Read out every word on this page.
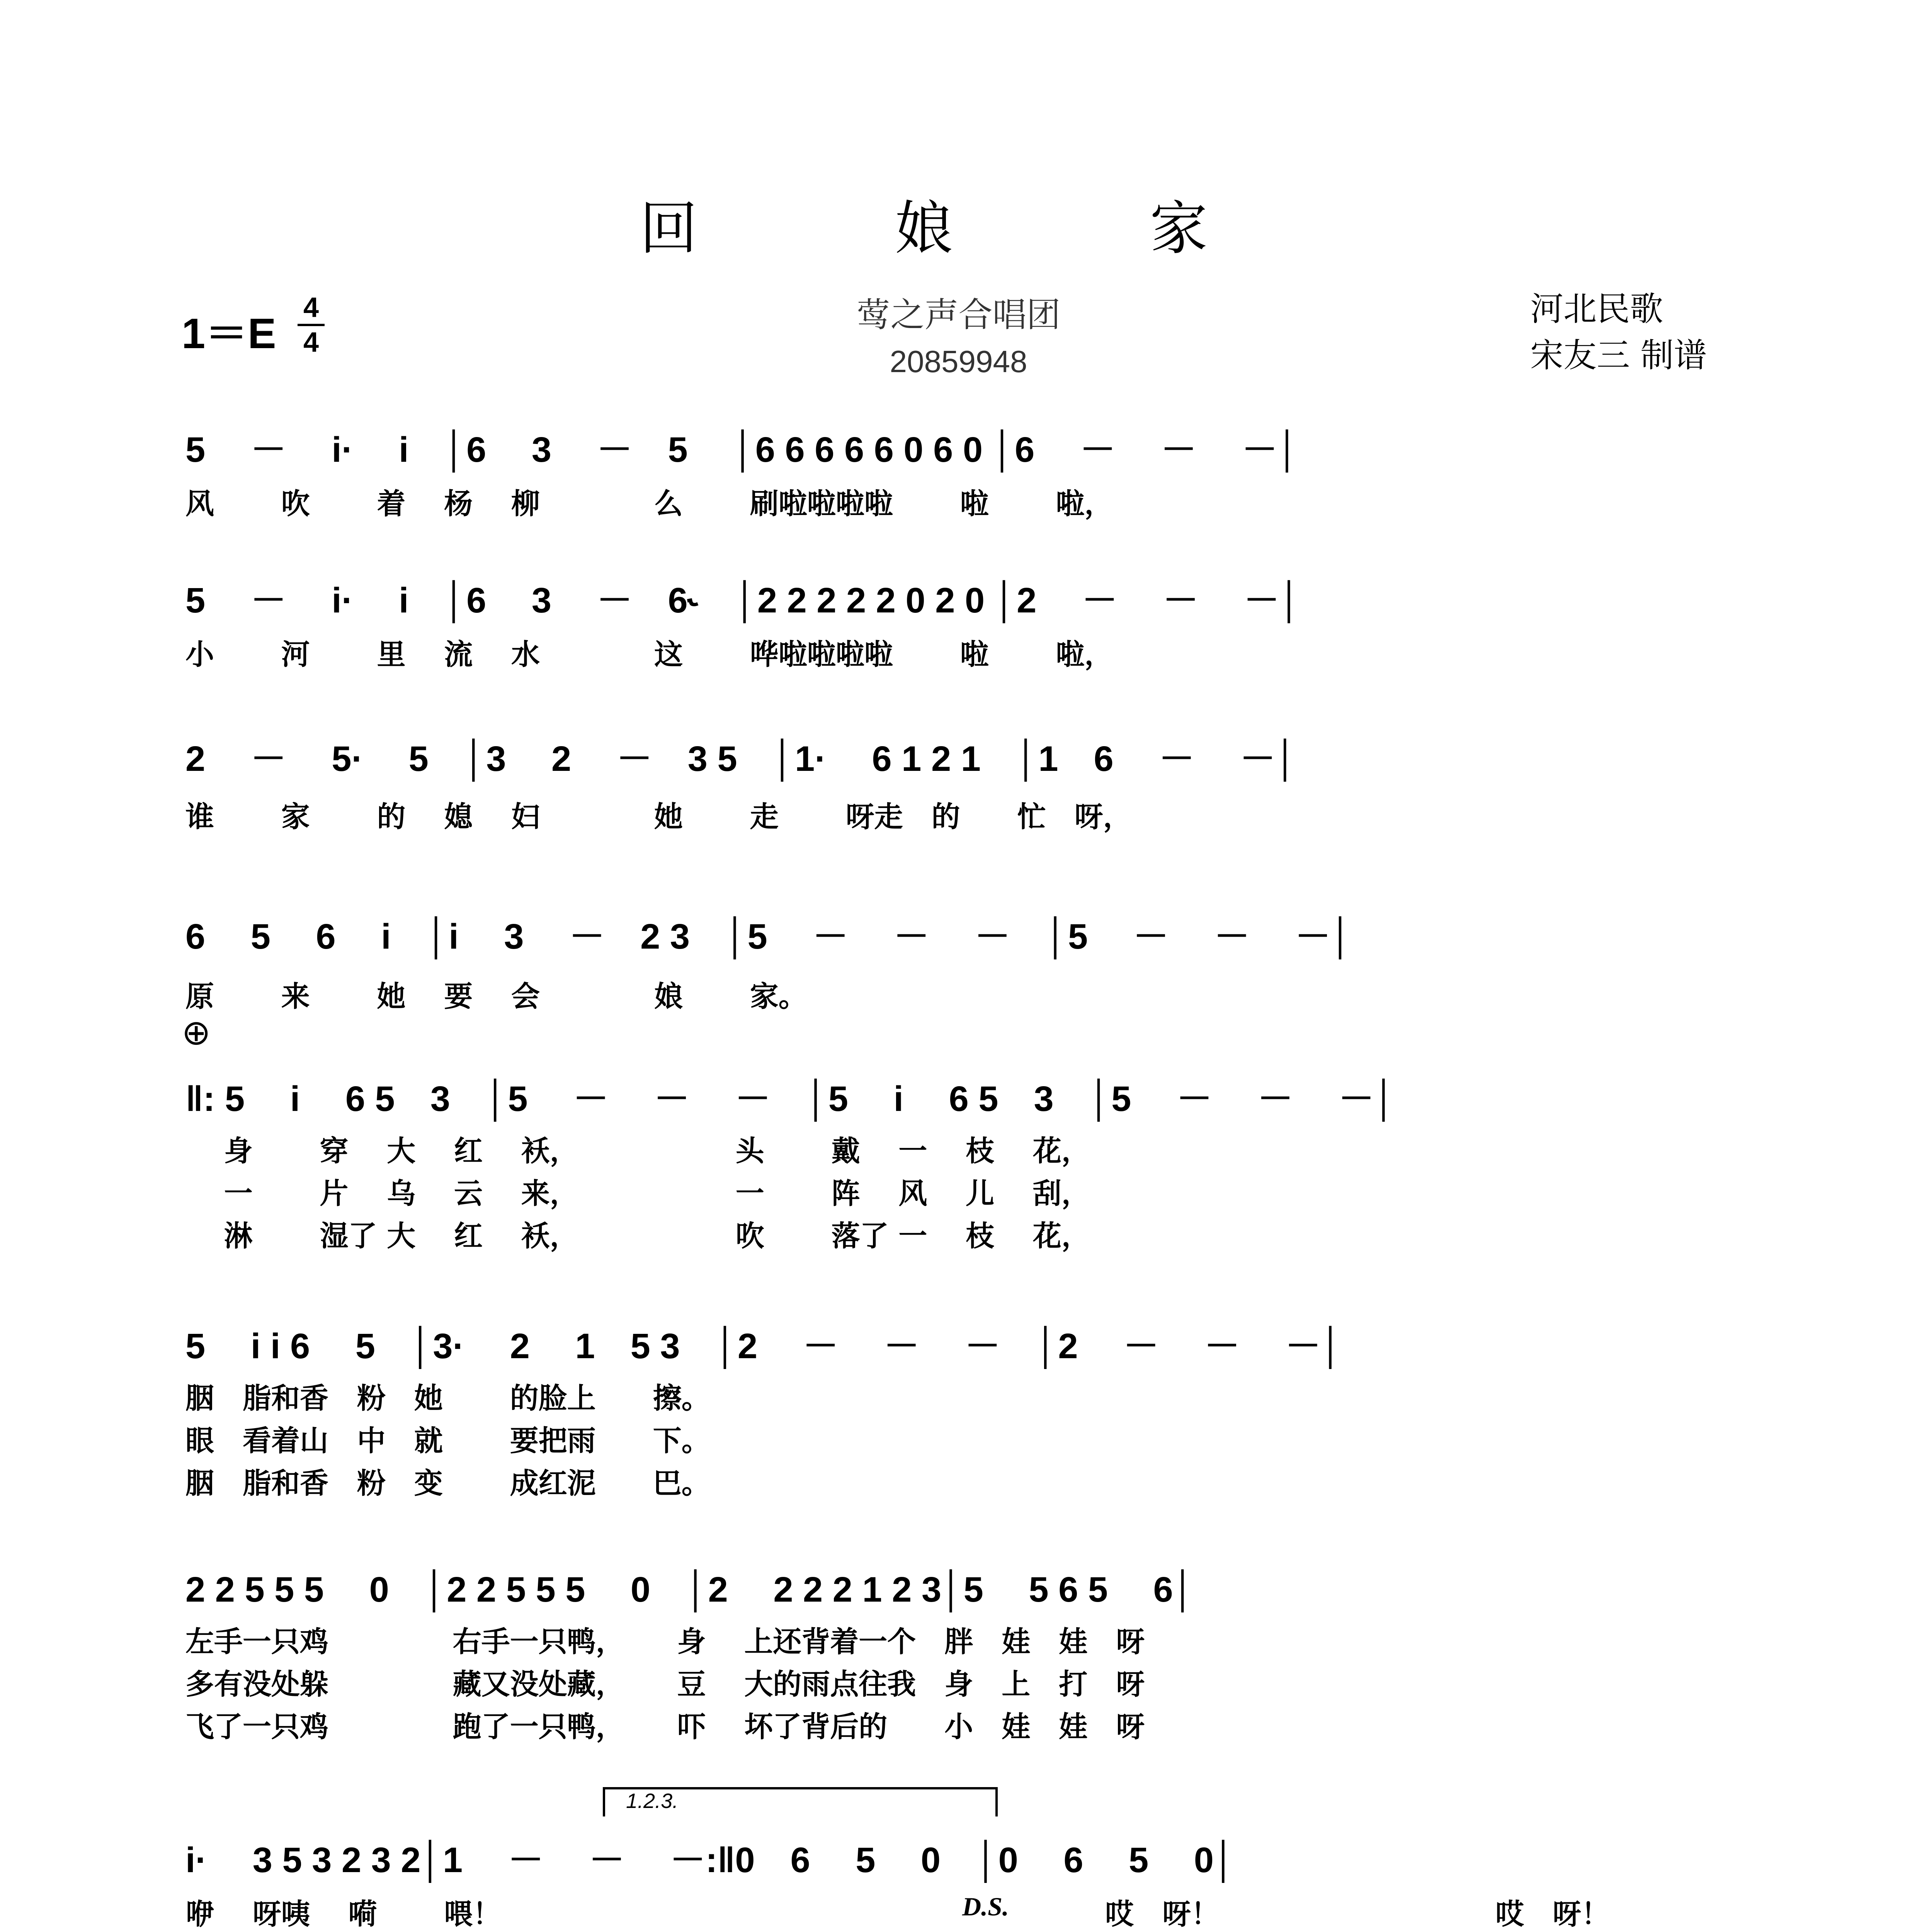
回　娘　家
1＝E
4
4
莺之声合唱团
20859948
河北民歌
宋友三 制谱
5　 －　 i·　 i　│6　 3　 －　5　 │6 6 6 6 6 0 6 0 │6　 －　 －　 －│
风　　 吹　　 着　 杨　 柳　　　　么　　 刷啦啦啦啦　　 啦　　 啦，
5　 －　 i·　 i　│6　 3　 －　6˞　│2 2 2 2 2 0 2 0 │2　 －　 －　 －│
小　　 河　　 里　 流　 水　　　　这　　 哗啦啦啦啦　　 啦　　 啦，
2　 －　 5·　 5　│3　 2　 －　3 5　│1·　 6 1 2 1　│1　6　 －　 －│
谁　　 家　　 的　 媳　 妇　　　　她　　 走　　 呀走　的　　忙　呀，
6　 5　 6　 i　│i　 3　 －　2 3　│5　 －　 －　 －　│5　 －　 －　 －│
原　　 来　　 她　 要　 会　　　　娘　　 家。
⊕
‖: 5　 i　 6 5　3　│5　 －　 －　 －　│5　 i　 6 5　3　│5　 －　 －　 －│
　 身　　 穿　 大　 红　 袄，　　　　　　头　　 戴　 一　 枝　 花，
　 一　　 片　 乌　 云　 来，　　　　　　一　　 阵　 风　 儿　 刮，
　 淋　　 湿了 大　 红　 袄，　　　　　　吹　　 落了 一　 枝　 花，
5　 i i 6　 5　│3·　 2　 1　5 3　│2　 －　 －　 －　│2　 －　 －　 －│
胭　脂和香　粉　她　　 的脸上　　擦。
眼　看着山　中　就　　 要把雨　　下。
胭　脂和香　粉　变　　 成红泥　　巴。
2 2 5 5 5　 0　│2 2 5 5 5　 0　│2　 2 2 2 1 2 3│5　 5 6 5　 6│
左手一只鸡　　　　 右手一只鸭，　　 身　 上还背着一个　胖　娃　娃　呀
多有没处躲　　　　 藏又没处藏，　　 豆　 大的雨点往我　身　上　打　呀
飞了一只鸡　　　　 跑了一只鸭，　　 吓　 坏了背后的　　小　娃　娃　呀
1.2.3.
i·　 3 5 3 2 3 2│1　 －　 －　 －:‖0　6　 5　 0　│0　 6　 5　 0│
咿　 呀咦　 嗬　　 喂！	D.S.	哎　呀！	哎　呀！
